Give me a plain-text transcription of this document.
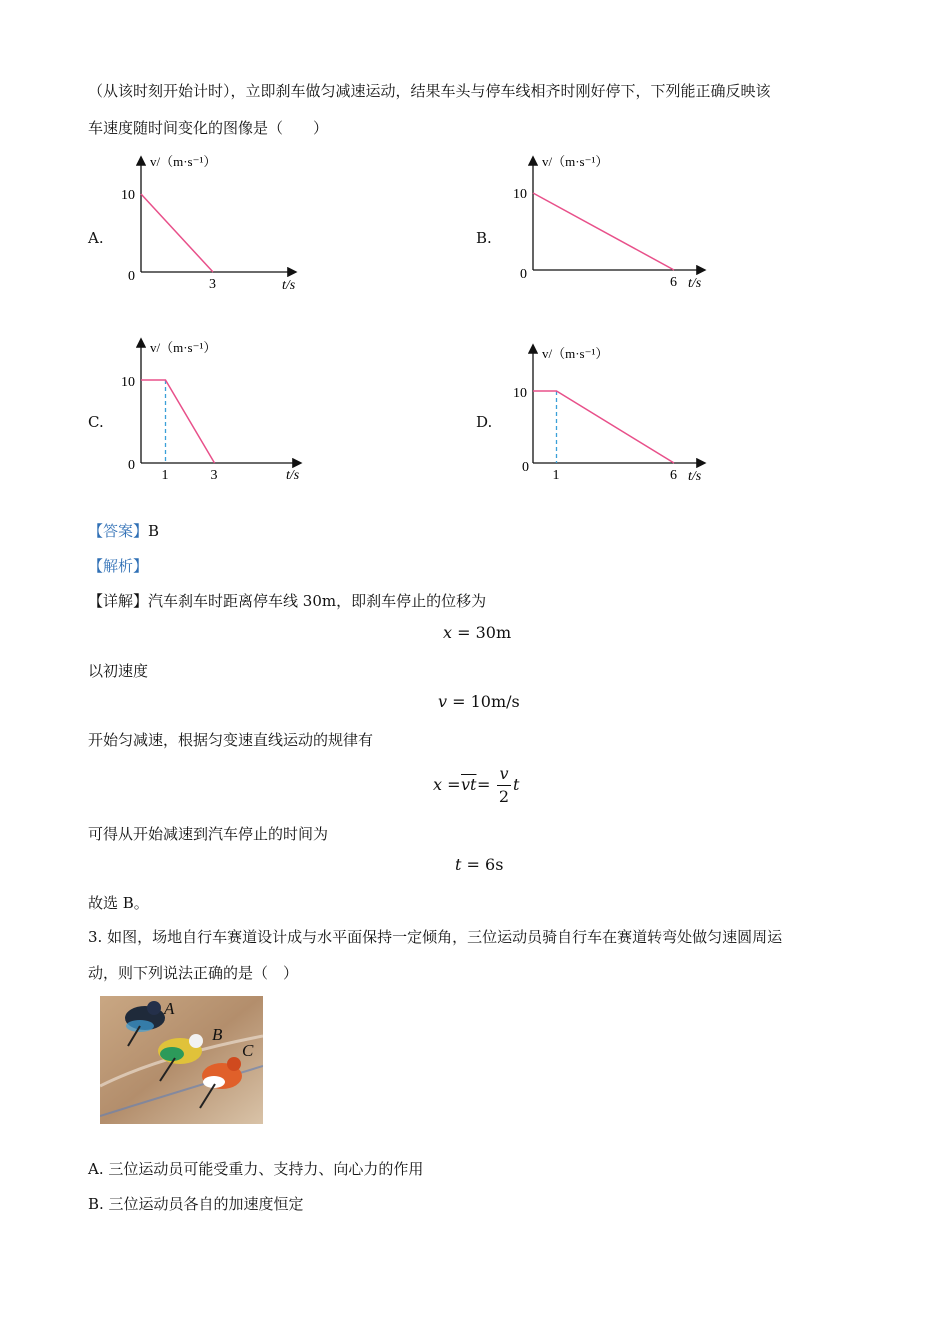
（从该时刻开始计时），立即刹车做匀减速运动，结果车头与停车线相齐时刚好停下，下列能正确反映该
车速度随时间变化的图像是（　　）
A.	B.
C.	D.
v/（m·s⁻¹）
10
0
t/s
3
v/（m·s⁻¹）
10
0
t/s
6
v/（m·s⁻¹）
10
0
t/s
1	3
v/（m·s⁻¹）
10
0
t/s
1	6
【答案】B
【解析】
【详解】汽车刹车时距离停车线 30m，即刹车停止的位移为
x = 30m
以初速度
v = 10m/s
开始匀减速，根据匀变速直线运动的规律有
$x = \overline{vt}$ =
v
2
t
可得从开始减速到汽车停止的时间为
t = 6s
故选 B。
3. 如图，场地自行车赛道设计成与水平面保持一定倾角，三位运动员骑自行车在赛道转弯处做匀速圆周运
动，则下列说法正确的是（　）
A
B
C
A. 三位运动员可能受重力、支持力、向心力的作用
B. 三位运动员各自的加速度恒定
